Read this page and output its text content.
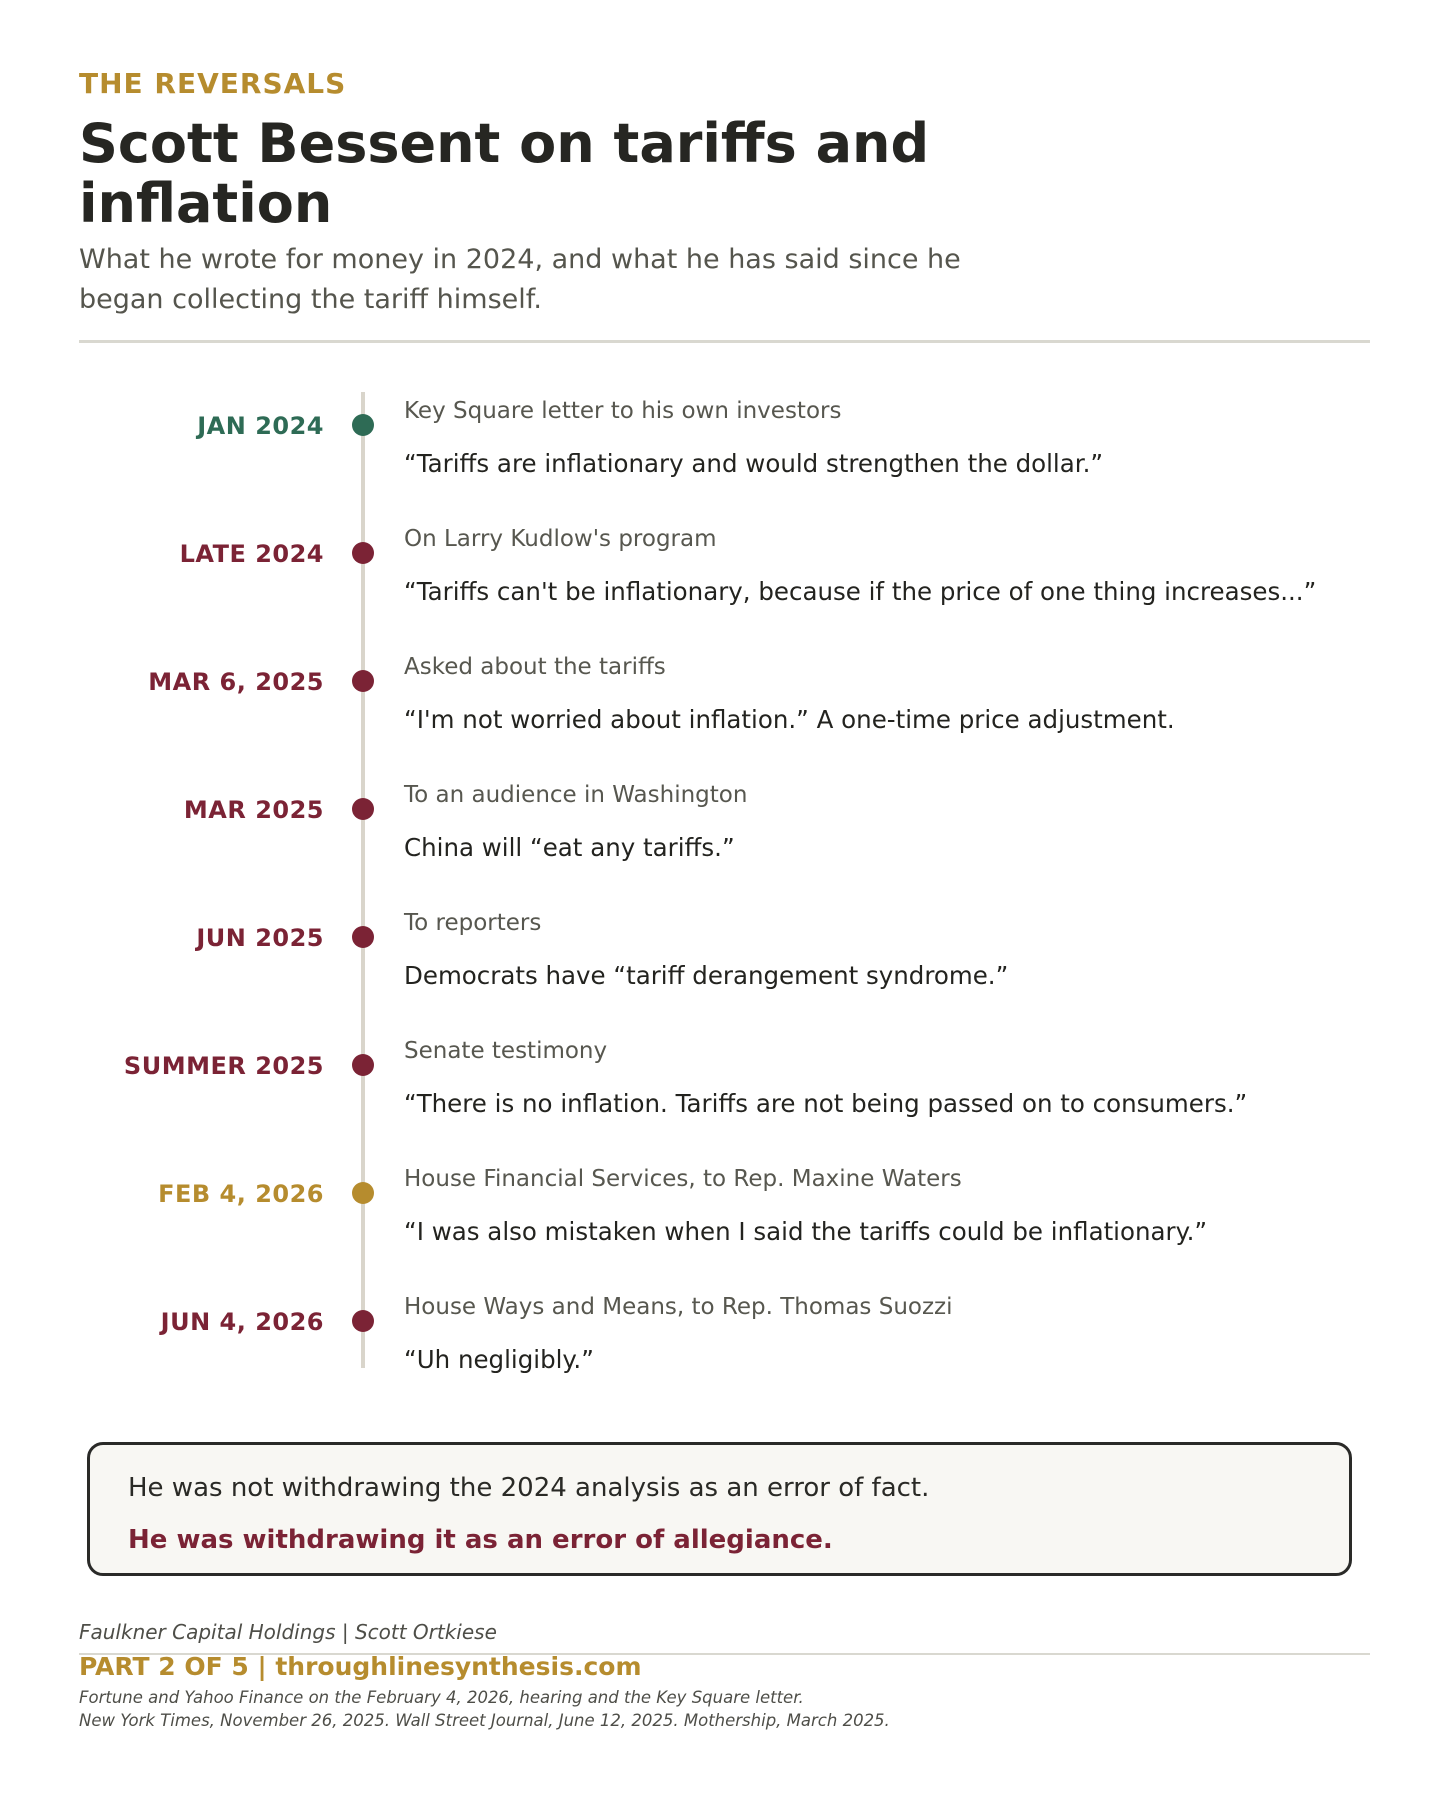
THE REVERSALS
Scott Bessent on tariffs and inflation
What he wrote for money in 2024, and what he has said since he began collecting the tariff himself.
JAN 2024
Key Square letter to his own investors
“Tariffs are inflationary and would strengthen the dollar.”
LATE 2024
On Larry Kudlow's program
“Tariffs can't be inflationary, because if the price of one thing increases...”
MAR 6, 2025
Asked about the tariffs
“I'm not worried about inflation.” A one-time price adjustment.
MAR 2025
To an audience in Washington
China will “eat any tariffs.”
JUN 2025
To reporters
Democrats have “tariff derangement syndrome.”
SUMMER 2025
Senate testimony
“There is no inflation. Tariffs are not being passed on to consumers.”
FEB 4, 2026
House Financial Services, to Rep. Maxine Waters
“I was also mistaken when I said the tariffs could be inflationary.”
JUN 4, 2026
House Ways and Means, to Rep. Thomas Suozzi
“Uh negligibly.”
He was not withdrawing the 2024 analysis as an error of fact.
He was withdrawing it as an error of allegiance.
Faulkner Capital Holdings | Scott Ortkiese
PART 2 OF 5 | throughlinesynthesis.com
Fortune and Yahoo Finance on the February 4, 2026, hearing and the Key Square letter.
New York Times, November 26, 2025. Wall Street Journal, June 12, 2025. Mothership, March 2025.
